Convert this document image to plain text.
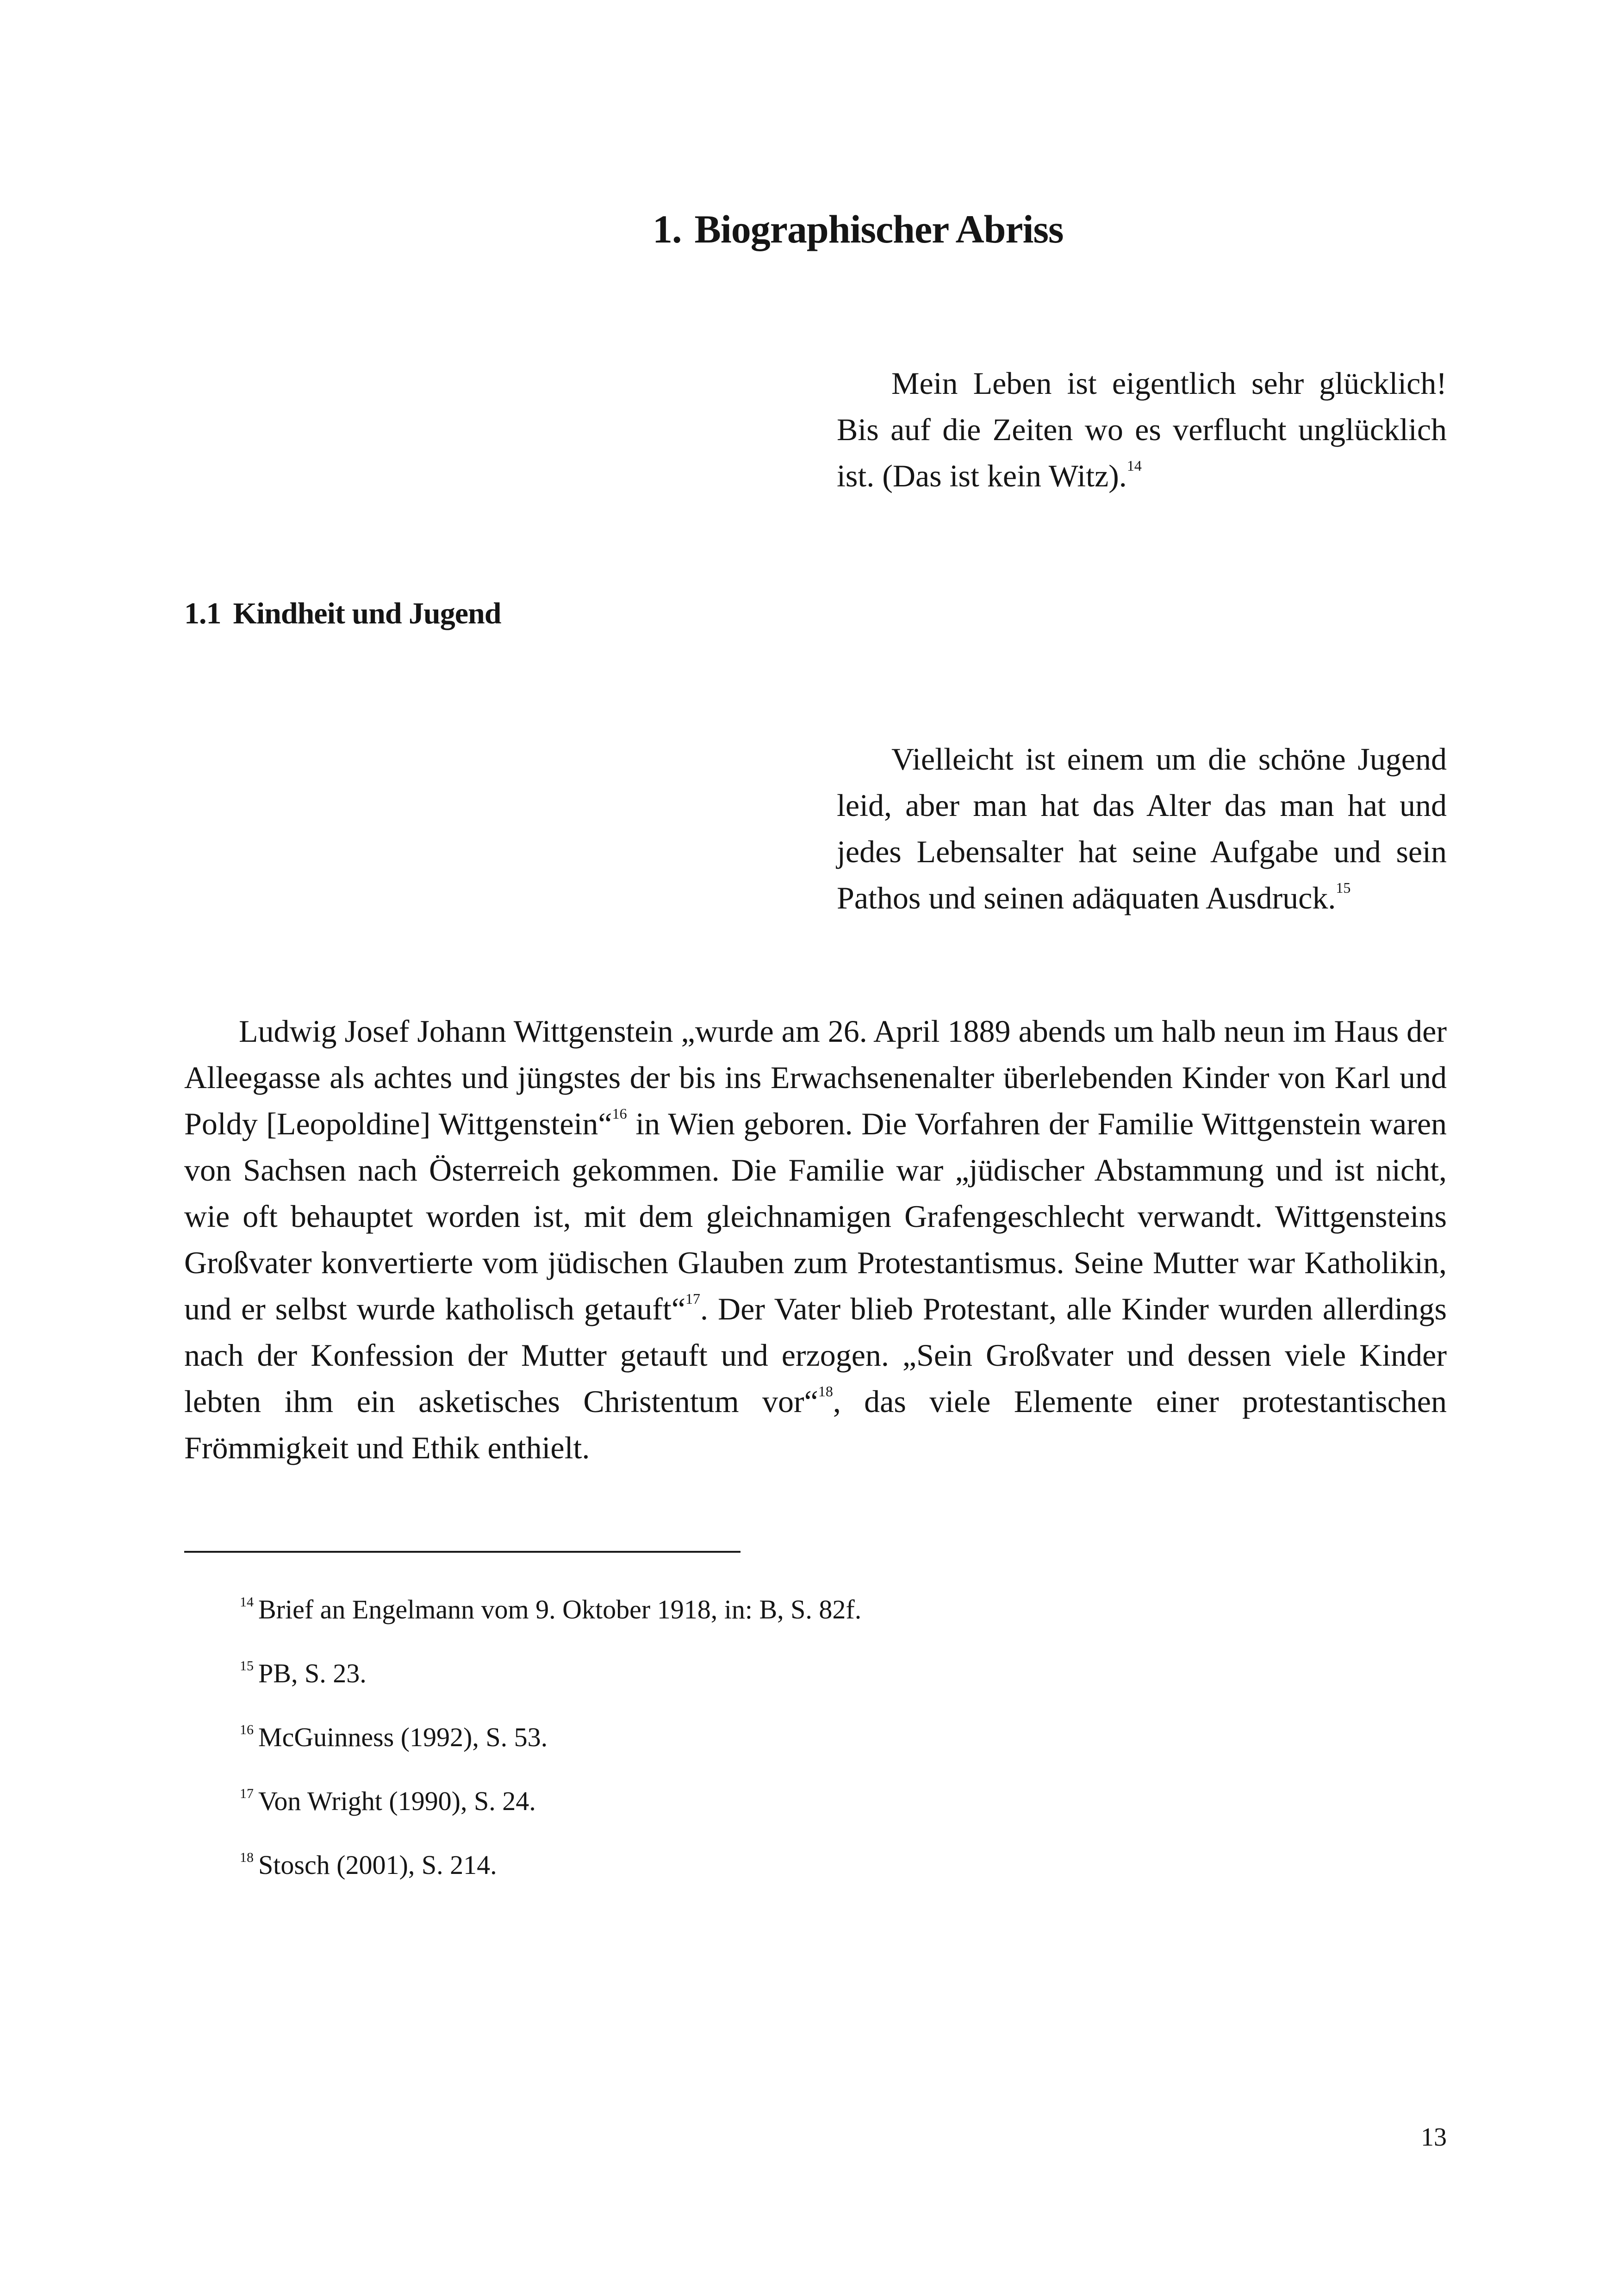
1. Biographischer Abriss
Mein Leben ist eigentlich sehr glücklich! Bis auf die Zeiten wo es verflucht unglücklich ist. (Das ist kein Witz).$^{14}$
1.1 Kindheit und Jugend
Vielleicht ist einem um die schöne Jugend leid, aber man hat das Alter das man hat und jedes Lebensalter hat seine Aufgabe und sein Pathos und seinen adäquaten Ausdruck.$^{15}$
Ludwig Josef Johann Wittgenstein „wurde am 26. April 1889 abends um halb neun im Haus der Alleegasse als achtes und jüngstes der bis ins Erwachsenenalter überlebenden Kinder von Karl und Poldy [Leopoldine] Wittgenstein“$^{16}$ in Wien geboren. Die Vorfahren der Familie Wittgenstein waren von Sachsen nach Österreich gekommen. Die Familie war „jüdischer Abstammung und ist nicht, wie oft behauptet worden ist, mit dem gleichnamigen Grafengeschlecht verwandt. Wittgensteins Großvater konvertierte vom jüdischen Glauben zum Protestantismus. Seine Mutter war Katholikin, und er selbst wurde katholisch getauft“$^{17}$. Der Vater blieb Protestant, alle Kinder wurden allerdings nach der Konfession der Mutter getauft und erzogen. „Sein Großvater und dessen viele Kinder lebten ihm ein asketisches Christentum vor“$^{18}$, das viele Elemente einer protestantischen Frömmigkeit und Ethik enthielt.
$^{14}$ Brief an Engelmann vom 9. Oktober 1918, in: B, S. 82f.
$^{15}$ PB, S. 23.
$^{16}$ McGuinness (1992), S. 53.
$^{17}$ Von Wright (1990), S. 24.
$^{18}$ Stosch (2001), S. 214.
13
